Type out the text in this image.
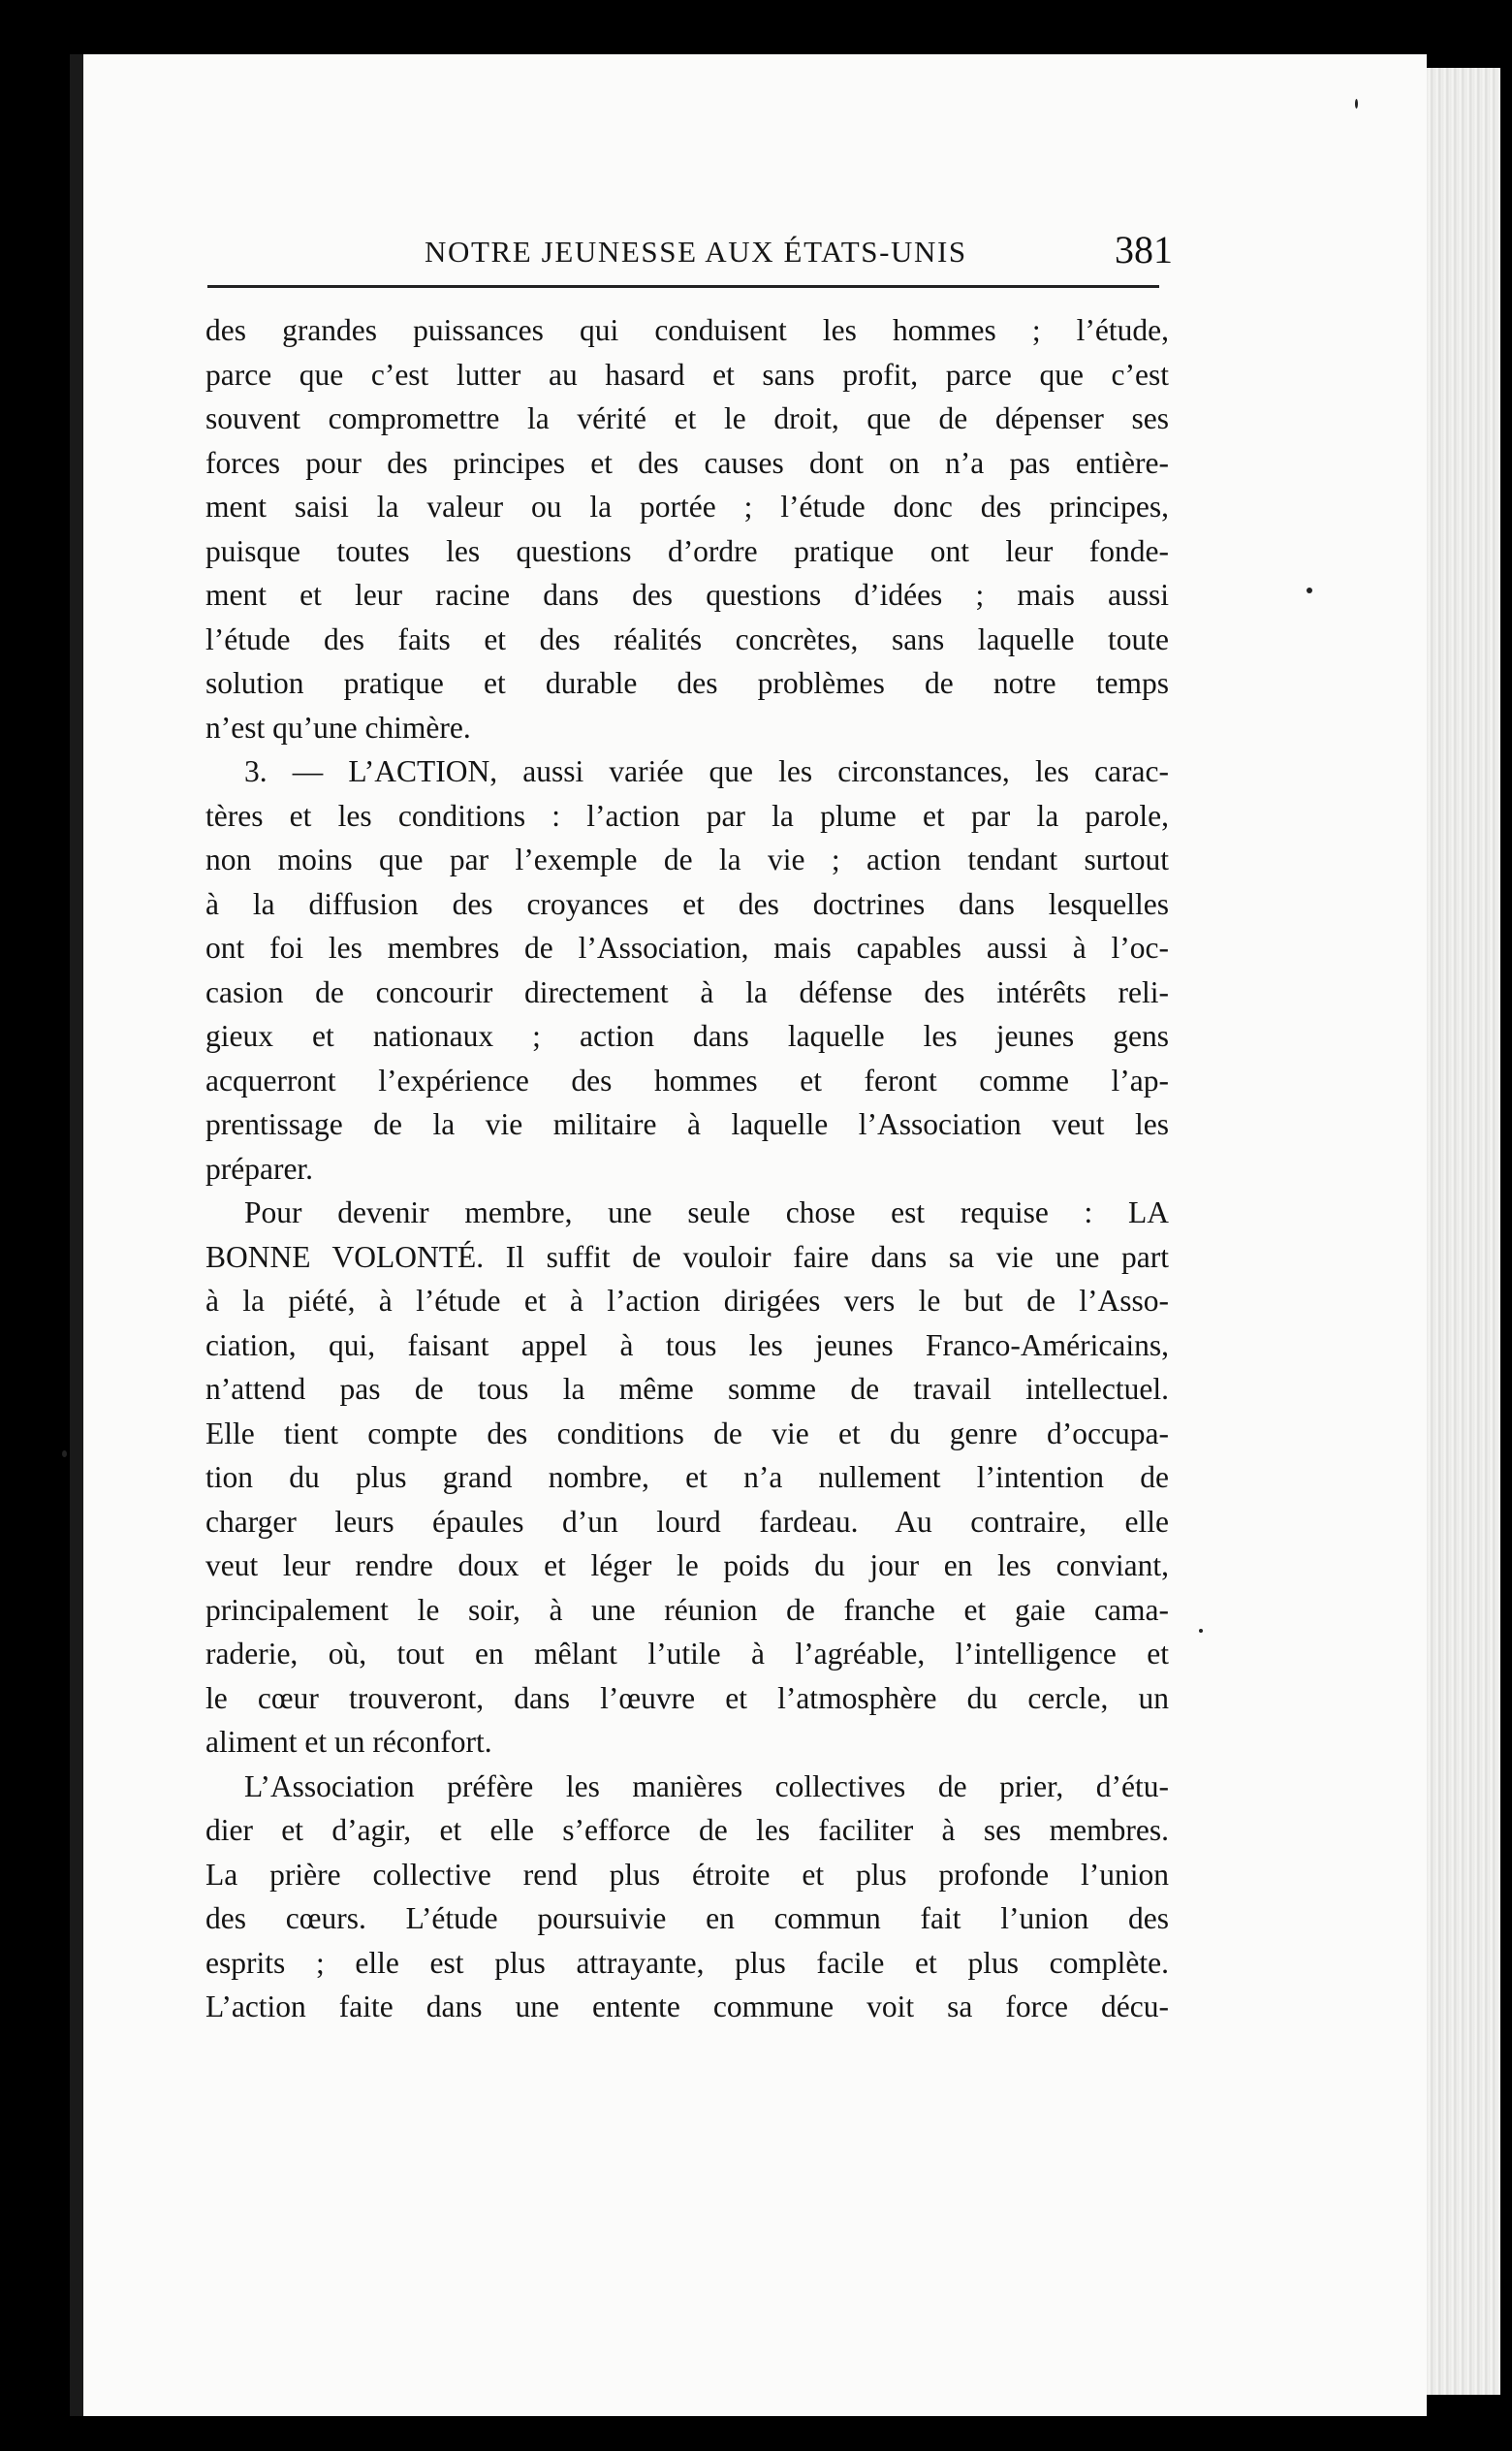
NOTRE JEUNESSE AUX ÉTATS-UNIS	381
des grandes puissances qui conduisent les hommes ; l’étude,
parce que c’est lutter au hasard et sans profit, parce que c’est
souvent compromettre la vérité et le droit, que de dépenser ses
forces pour des principes et des causes dont on n’a pas entière-
ment saisi la valeur ou la portée ; l’étude donc des principes,
puisque toutes les questions d’ordre pratique ont leur fonde-
ment et leur racine dans des questions d’idées ; mais aussi
l’étude des faits et des réalités concrètes, sans laquelle toute
solution pratique et durable des problèmes de notre temps
n’est qu’une chimère.
3. — L’ACTION, aussi variée que les circonstances, les carac-
tères et les conditions : l’action par la plume et par la parole,
non moins que par l’exemple de la vie ; action tendant surtout
à la diffusion des croyances et des doctrines dans lesquelles
ont foi les membres de l’Association, mais capables aussi à l’oc-
casion de concourir directement à la défense des intérêts reli-
gieux et nationaux ; action dans laquelle les jeunes gens
acquerront l’expérience des hommes et feront comme l’ap-
prentissage de la vie militaire à laquelle l’Association veut les
préparer.
Pour devenir membre, une seule chose est requise : LA
BONNE VOLONTÉ. Il suffit de vouloir faire dans sa vie une part
à la piété, à l’étude et à l’action dirigées vers le but de l’Asso-
ciation, qui, faisant appel à tous les jeunes Franco-Américains,
n’attend pas de tous la même somme de travail intellectuel.
Elle tient compte des conditions de vie et du genre d’occupa-
tion du plus grand nombre, et n’a nullement l’intention de
charger leurs épaules d’un lourd fardeau. Au contraire, elle
veut leur rendre doux et léger le poids du jour en les conviant,
principalement le soir, à une réunion de franche et gaie cama-
raderie, où, tout en mêlant l’utile à l’agréable, l’intelligence et
le cœur trouveront, dans l’œuvre et l’atmosphère du cercle, un
aliment et un réconfort.
L’Association préfère les manières collectives de prier, d’étu-
dier et d’agir, et elle s’efforce de les faciliter à ses membres.
La prière collective rend plus étroite et plus profonde l’union
des cœurs. L’étude poursuivie en commun fait l’union des
esprits ; elle est plus attrayante, plus facile et plus complète.
L’action faite dans une entente commune voit sa force décu-
